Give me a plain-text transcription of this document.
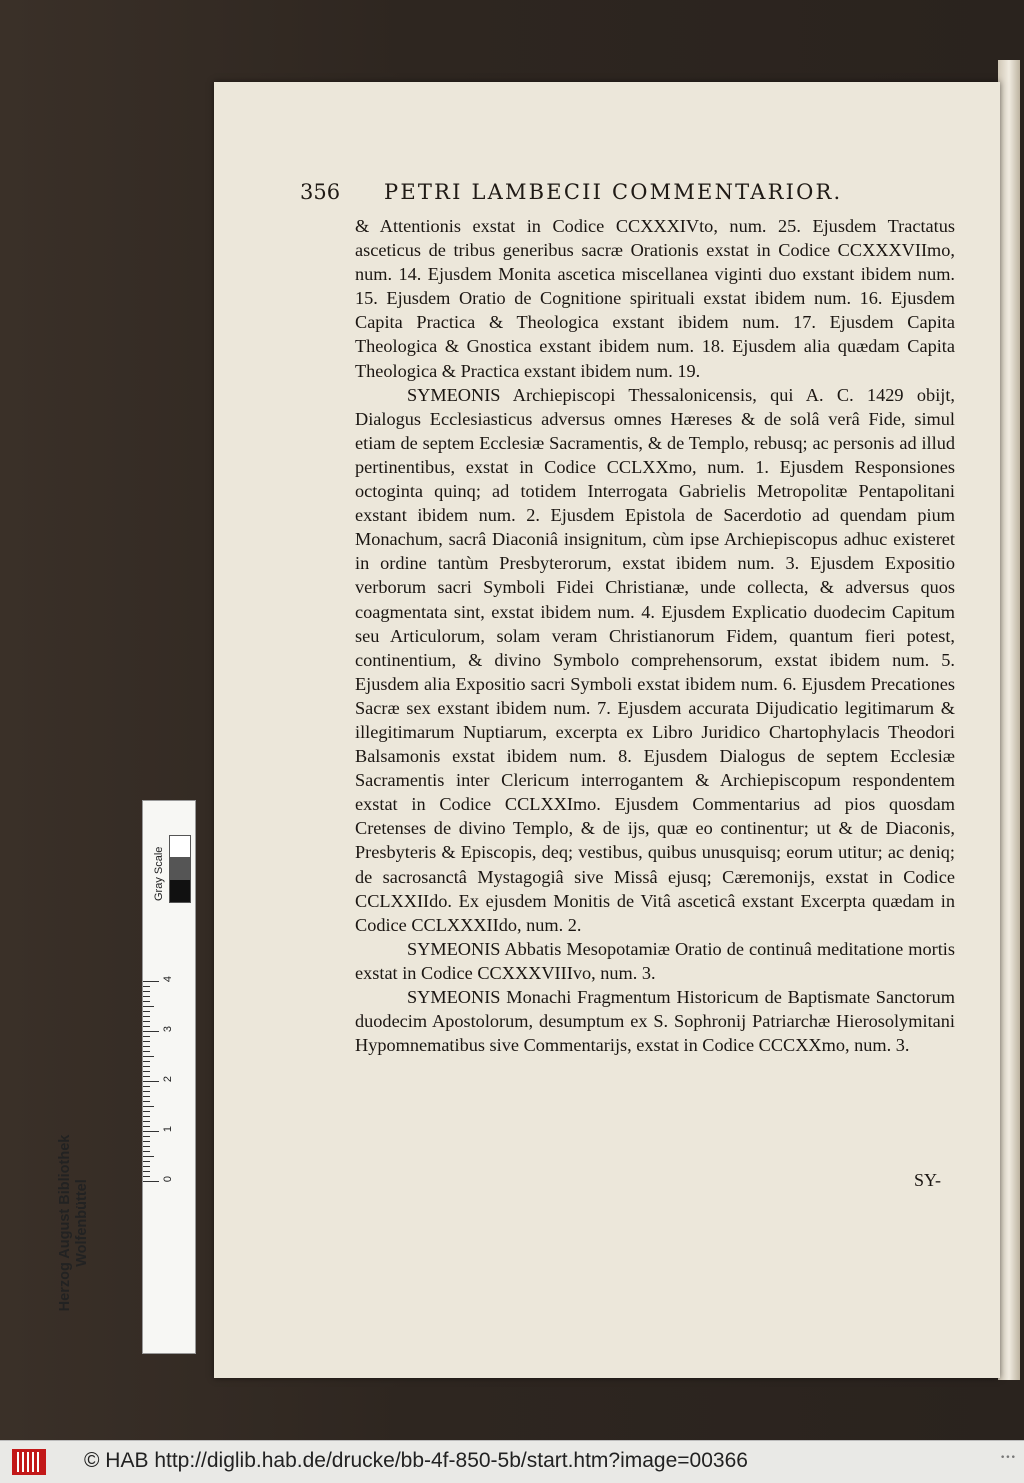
356 PETRI LAMBECII COMMENTARIOR.

& Attentionis exstat in Codice CCXXXIVto, num. 25. Ejusdem Tractatus asceticus de tribus generibus sacræ Orationis exstat in Codice CCXXXVIImo, num. 14. Ejusdem Monita ascetica miscellanea viginti duo exstant ibidem num. 15. Ejusdem Oratio de Cognitione spirituali exstat ibidem num. 16. Ejusdem Capita Practica & Theologica exstant ibidem num. 17. Ejusdem Capita Theologica & Gnostica exstant ibidem num. 18. Ejusdem alia quædam Capita Theologica & Practica exstant ibidem num. 19.

SYMEONIS Archiepiscopi Thessalonicensis, qui A. C. 1429 obijt, Dialogus Ecclesiasticus adversus omnes Hæreses & de solâ verâ Fide, simul etiam de septem Ecclesiæ Sacramentis, & de Templo, rebusq; ac personis ad illud pertinentibus, exstat in Codice CCLXXmo, num. 1. Ejusdem Responsiones octoginta quinq; ad totidem Interrogata Gabrielis Metropolitæ Pentapolitani exstant ibidem num. 2. Ejusdem Epistola de Sacerdotio ad quendam pium Monachum, sacrâ Diaconiâ insignitum, cùm ipse Archiepiscopus adhuc existeret in ordine tantùm Presbyterorum, exstat ibidem num. 3. Ejusdem Expositio verborum sacri Symboli Fidei Christianæ, unde collecta, & adversus quos coagmentata sint, exstat ibidem num. 4. Ejusdem Explicatio duodecim Capitum seu Articulorum, solam veram Christianorum Fidem, quantum fieri potest, continentium, & divino Symbolo comprehensorum, exstat ibidem num. 5. Ejusdem alia Expositio sacri Symboli exstat ibidem num. 6. Ejusdem Precationes Sacræ sex exstant ibidem num. 7. Ejusdem accurata Dijudicatio legitimarum & illegitimarum Nuptiarum, excerpta ex Libro Juridico Chartophylacis Theodori Balsamonis exstat ibidem num. 8. Ejusdem Dialogus de septem Ecclesiæ Sacramentis inter Clericum interrogantem & Archiepiscopum respondentem exstat in Codice CCLXXImo. Ejusdem Commentarius ad pios quosdam Cretenses de divino Templo, & de ijs, quæ eo continentur; ut & de Diaconis, Presbyteris & Episcopis, deq; vestibus, quibus unusquisq; eorum utitur; ac deniq; de sacrosanctâ Mystagogiâ sive Missâ ejusq; Cæremonijs, exstat in Codice CCLXXIIdo. Ex ejusdem Monitis de Vitâ asceticâ exstant Excerpta quædam in Codice CCLXXXIIdo, num. 2.

SYMEONIS Abbatis Mesopotamiæ Oratio de continuâ meditatione mortis exstat in Codice CCXXXVIIIvo, num. 3.

SYMEONIS Monachi Fragmentum Historicum de Baptismate Sanctorum duodecim Apostolorum, desumptum ex S. Sophronij Patriarchæ Hierosolymitani Hypomnematibus sive Commentarijs, exstat in Codice CCCXXmo, num. 3.

SY-
Herzog August Bibliothek Wolfenbüttel
Gray Scale
0
1
2
3
4
© HAB http://diglib.hab.de/drucke/bb-4f-850-5b/start.htm?image=00366	•••
